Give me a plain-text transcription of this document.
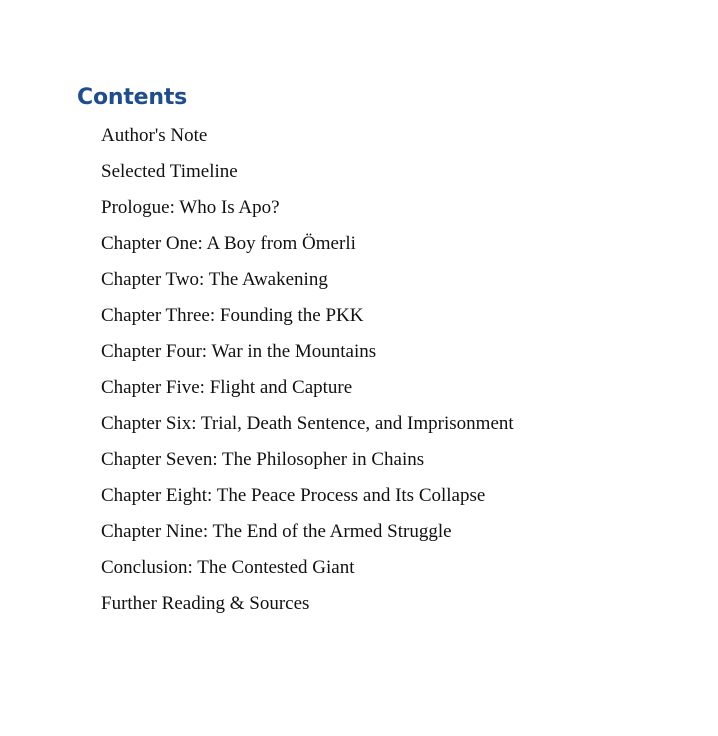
Contents
Author's Note
Selected Timeline
Prologue: Who Is Apo?
Chapter One: A Boy from Ömerli
Chapter Two: The Awakening
Chapter Three: Founding the PKK
Chapter Four: War in the Mountains
Chapter Five: Flight and Capture
Chapter Six: Trial, Death Sentence, and Imprisonment
Chapter Seven: The Philosopher in Chains
Chapter Eight: The Peace Process and Its Collapse
Chapter Nine: The End of the Armed Struggle
Conclusion: The Contested Giant
Further Reading & Sources
